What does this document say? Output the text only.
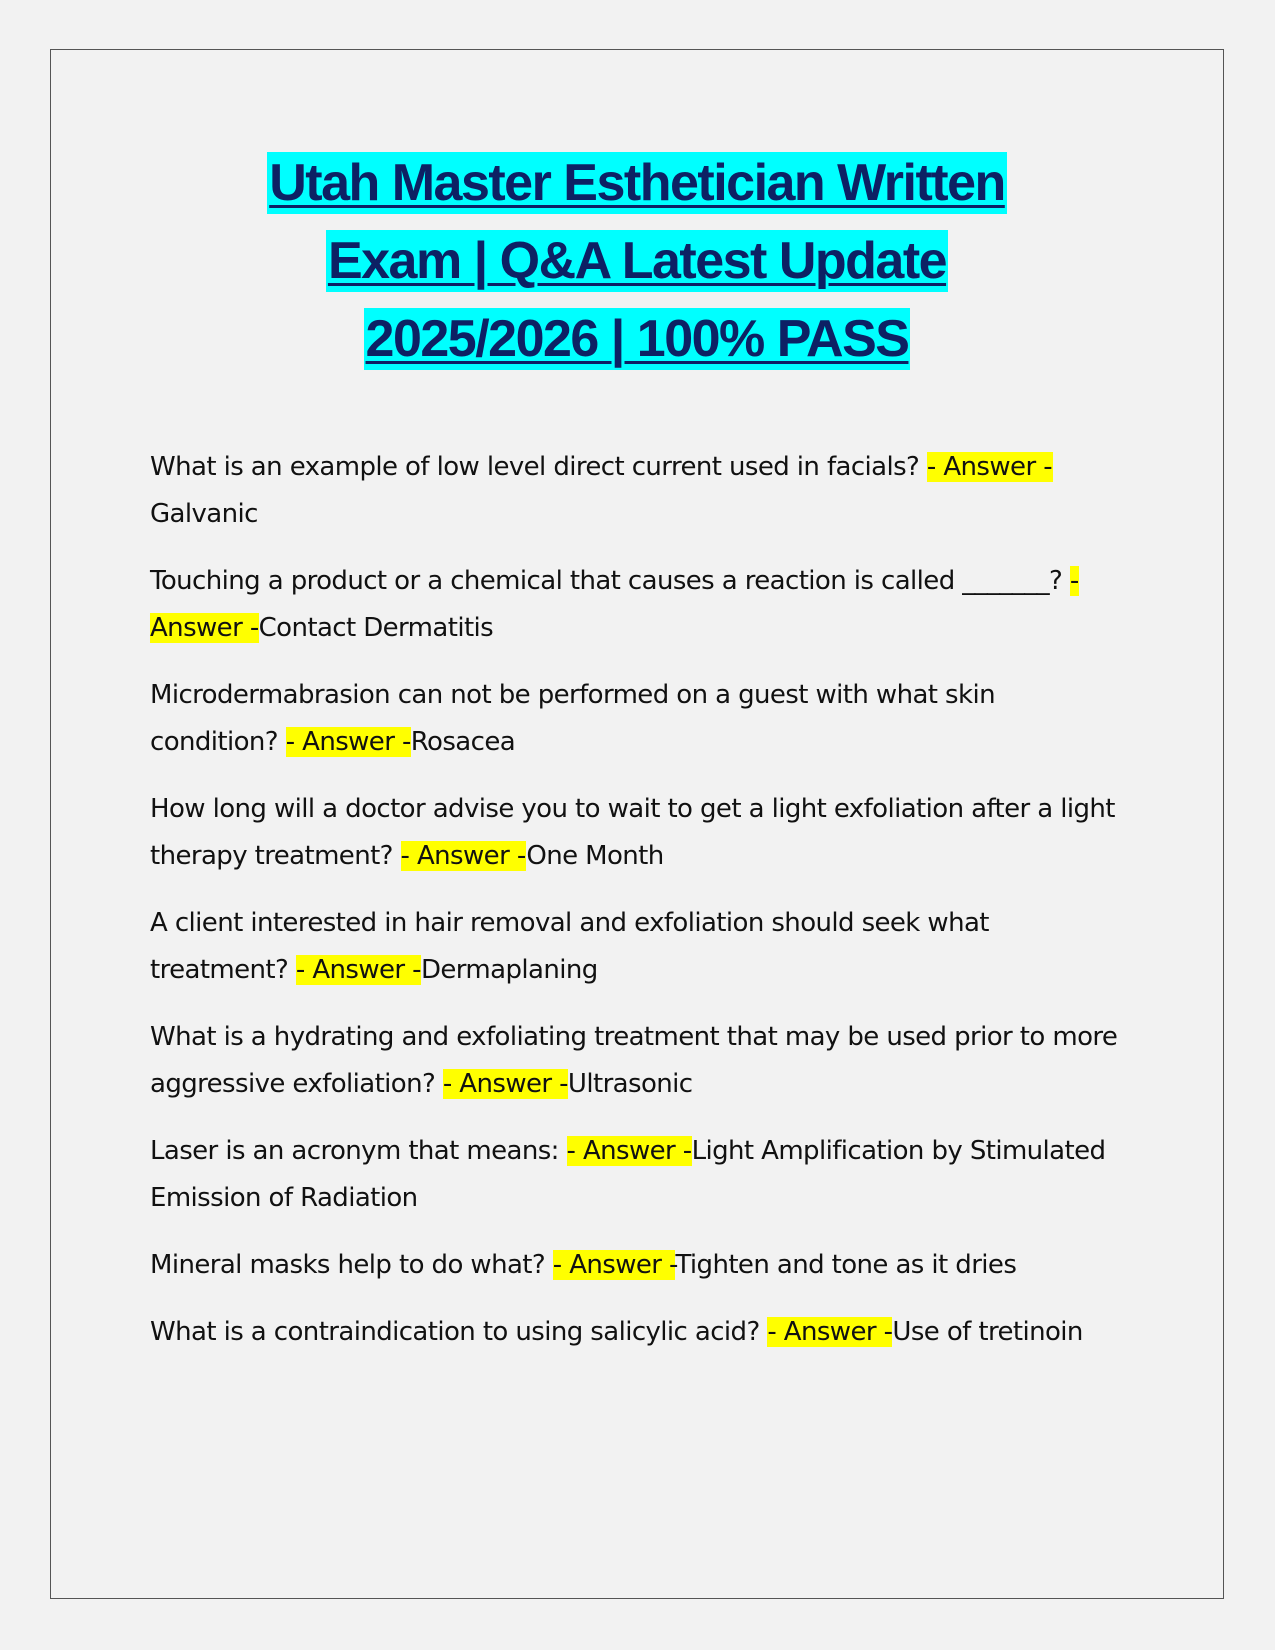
Utah Master Esthetician Written
Exam | Q&A Latest Update
2025/2026 | 100% PASS

What is an example of low level direct current used in facials? - Answer -Galvanic

Touching a product or a chemical that causes a reaction is called _______? - Answer -Contact Dermatitis

Microdermabrasion can not be performed on a guest with what skin condition? - Answer -Rosacea

How long will a doctor advise you to wait to get a light exfoliation after a light therapy treatment? - Answer -One Month

A client interested in hair removal and exfoliation should seek what treatment? - Answer -Dermaplaning

What is a hydrating and exfoliating treatment that may be used prior to more aggressive exfoliation? - Answer -Ultrasonic

Laser is an acronym that means: - Answer -Light Amplification by Stimulated Emission of Radiation

Mineral masks help to do what? - Answer -Tighten and tone as it dries

What is a contraindication to using salicylic acid? - Answer -Use of tretinoin
